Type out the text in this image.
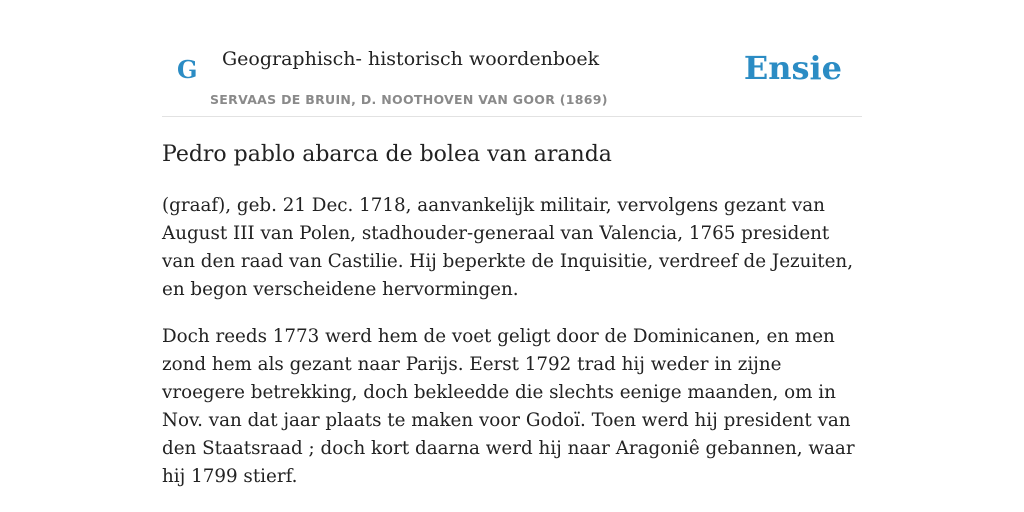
G Geographisch- historisch woordenboek
SERVAAS DE BRUIN, D. NOOTHOVEN VAN GOOR (1869)
Ensie
Pedro pablo abarca de bolea van aranda

(graaf), geb. 21 Dec. 1718, aanvankelijk militair, vervolgens gezant van August III van Polen, stadhouder-generaal van Valencia, 1765 president van den raad van Castilie. Hij beperkte de Inquisitie, verdreef de Jezuiten, en begon verscheidene hervormingen.

Doch reeds 1773 werd hem de voet geligt door de Dominicanen, en men zond hem als gezant naar Parijs. Eerst 1792 trad hij weder in zijne vroegere betrekking, doch bekleedde die slechts eenige maanden, om in Nov. van dat jaar plaats te maken voor Godoï. Toen werd hij president van den Staatsraad ; doch kort daarna werd hij naar Aragoniê gebannen, waar hij 1799 stierf.
